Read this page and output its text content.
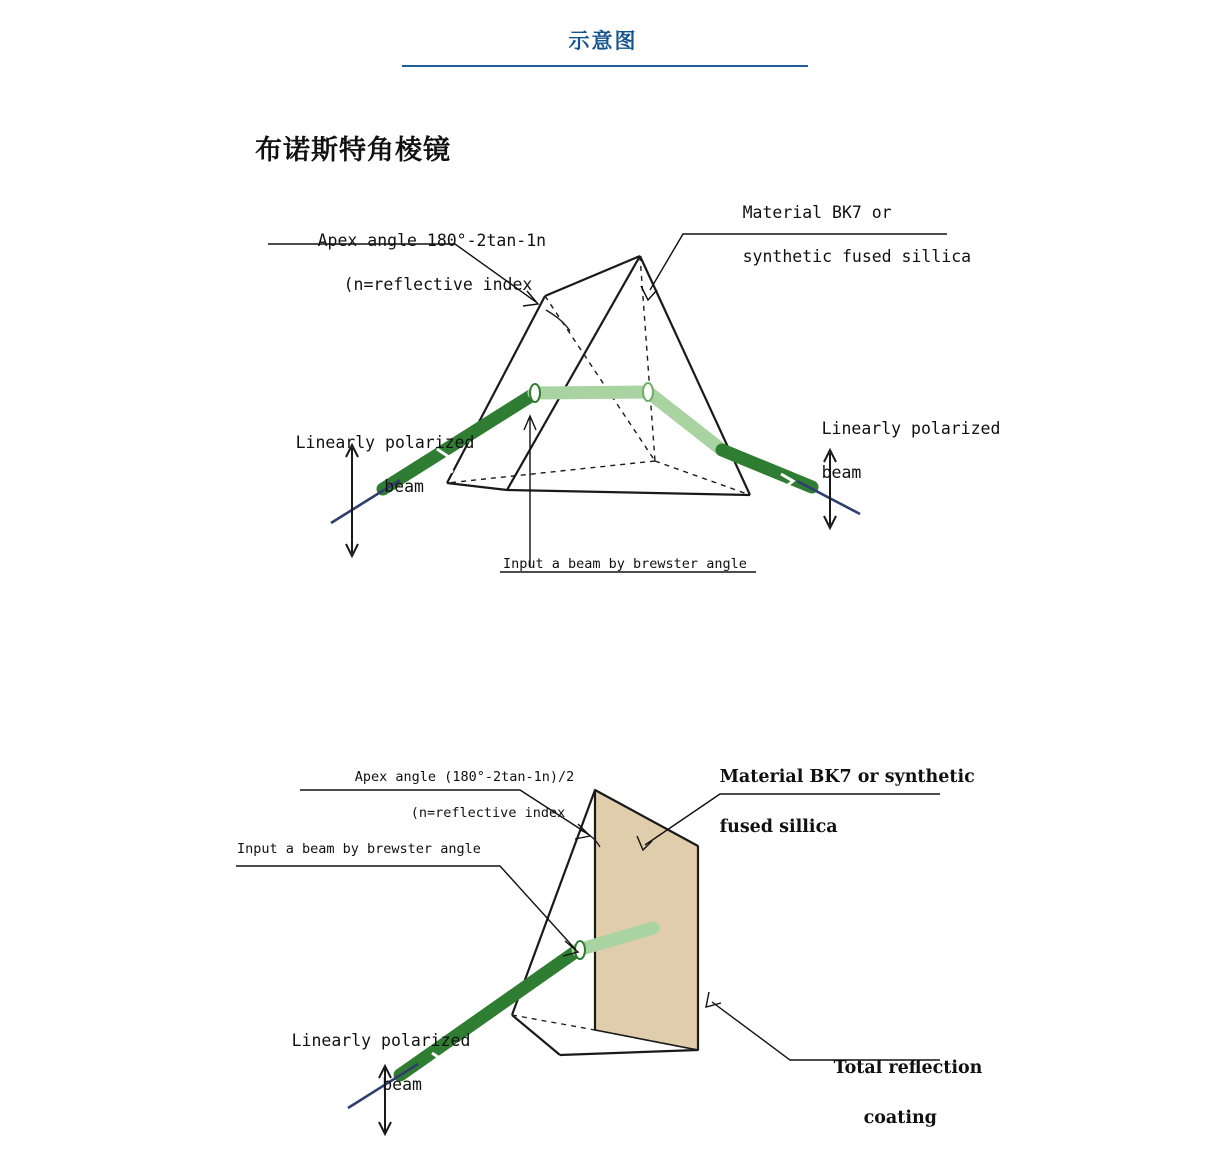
示意图
布诺斯特角棱镜

Apex angle 180°-2tan-1n

(n=reflective index

Material BK7 or

synthetic fused sillica

Input a beam by brewster angle

Linearly polarized

beam

Linearly polarized

beam

Apex angle (180°-2tan-1n)/2

(n=reflective index

Input a beam by brewster angle

Material BK7 or synthetic

fused sillica

Total reflection

coating

Linearly polarized

beam
